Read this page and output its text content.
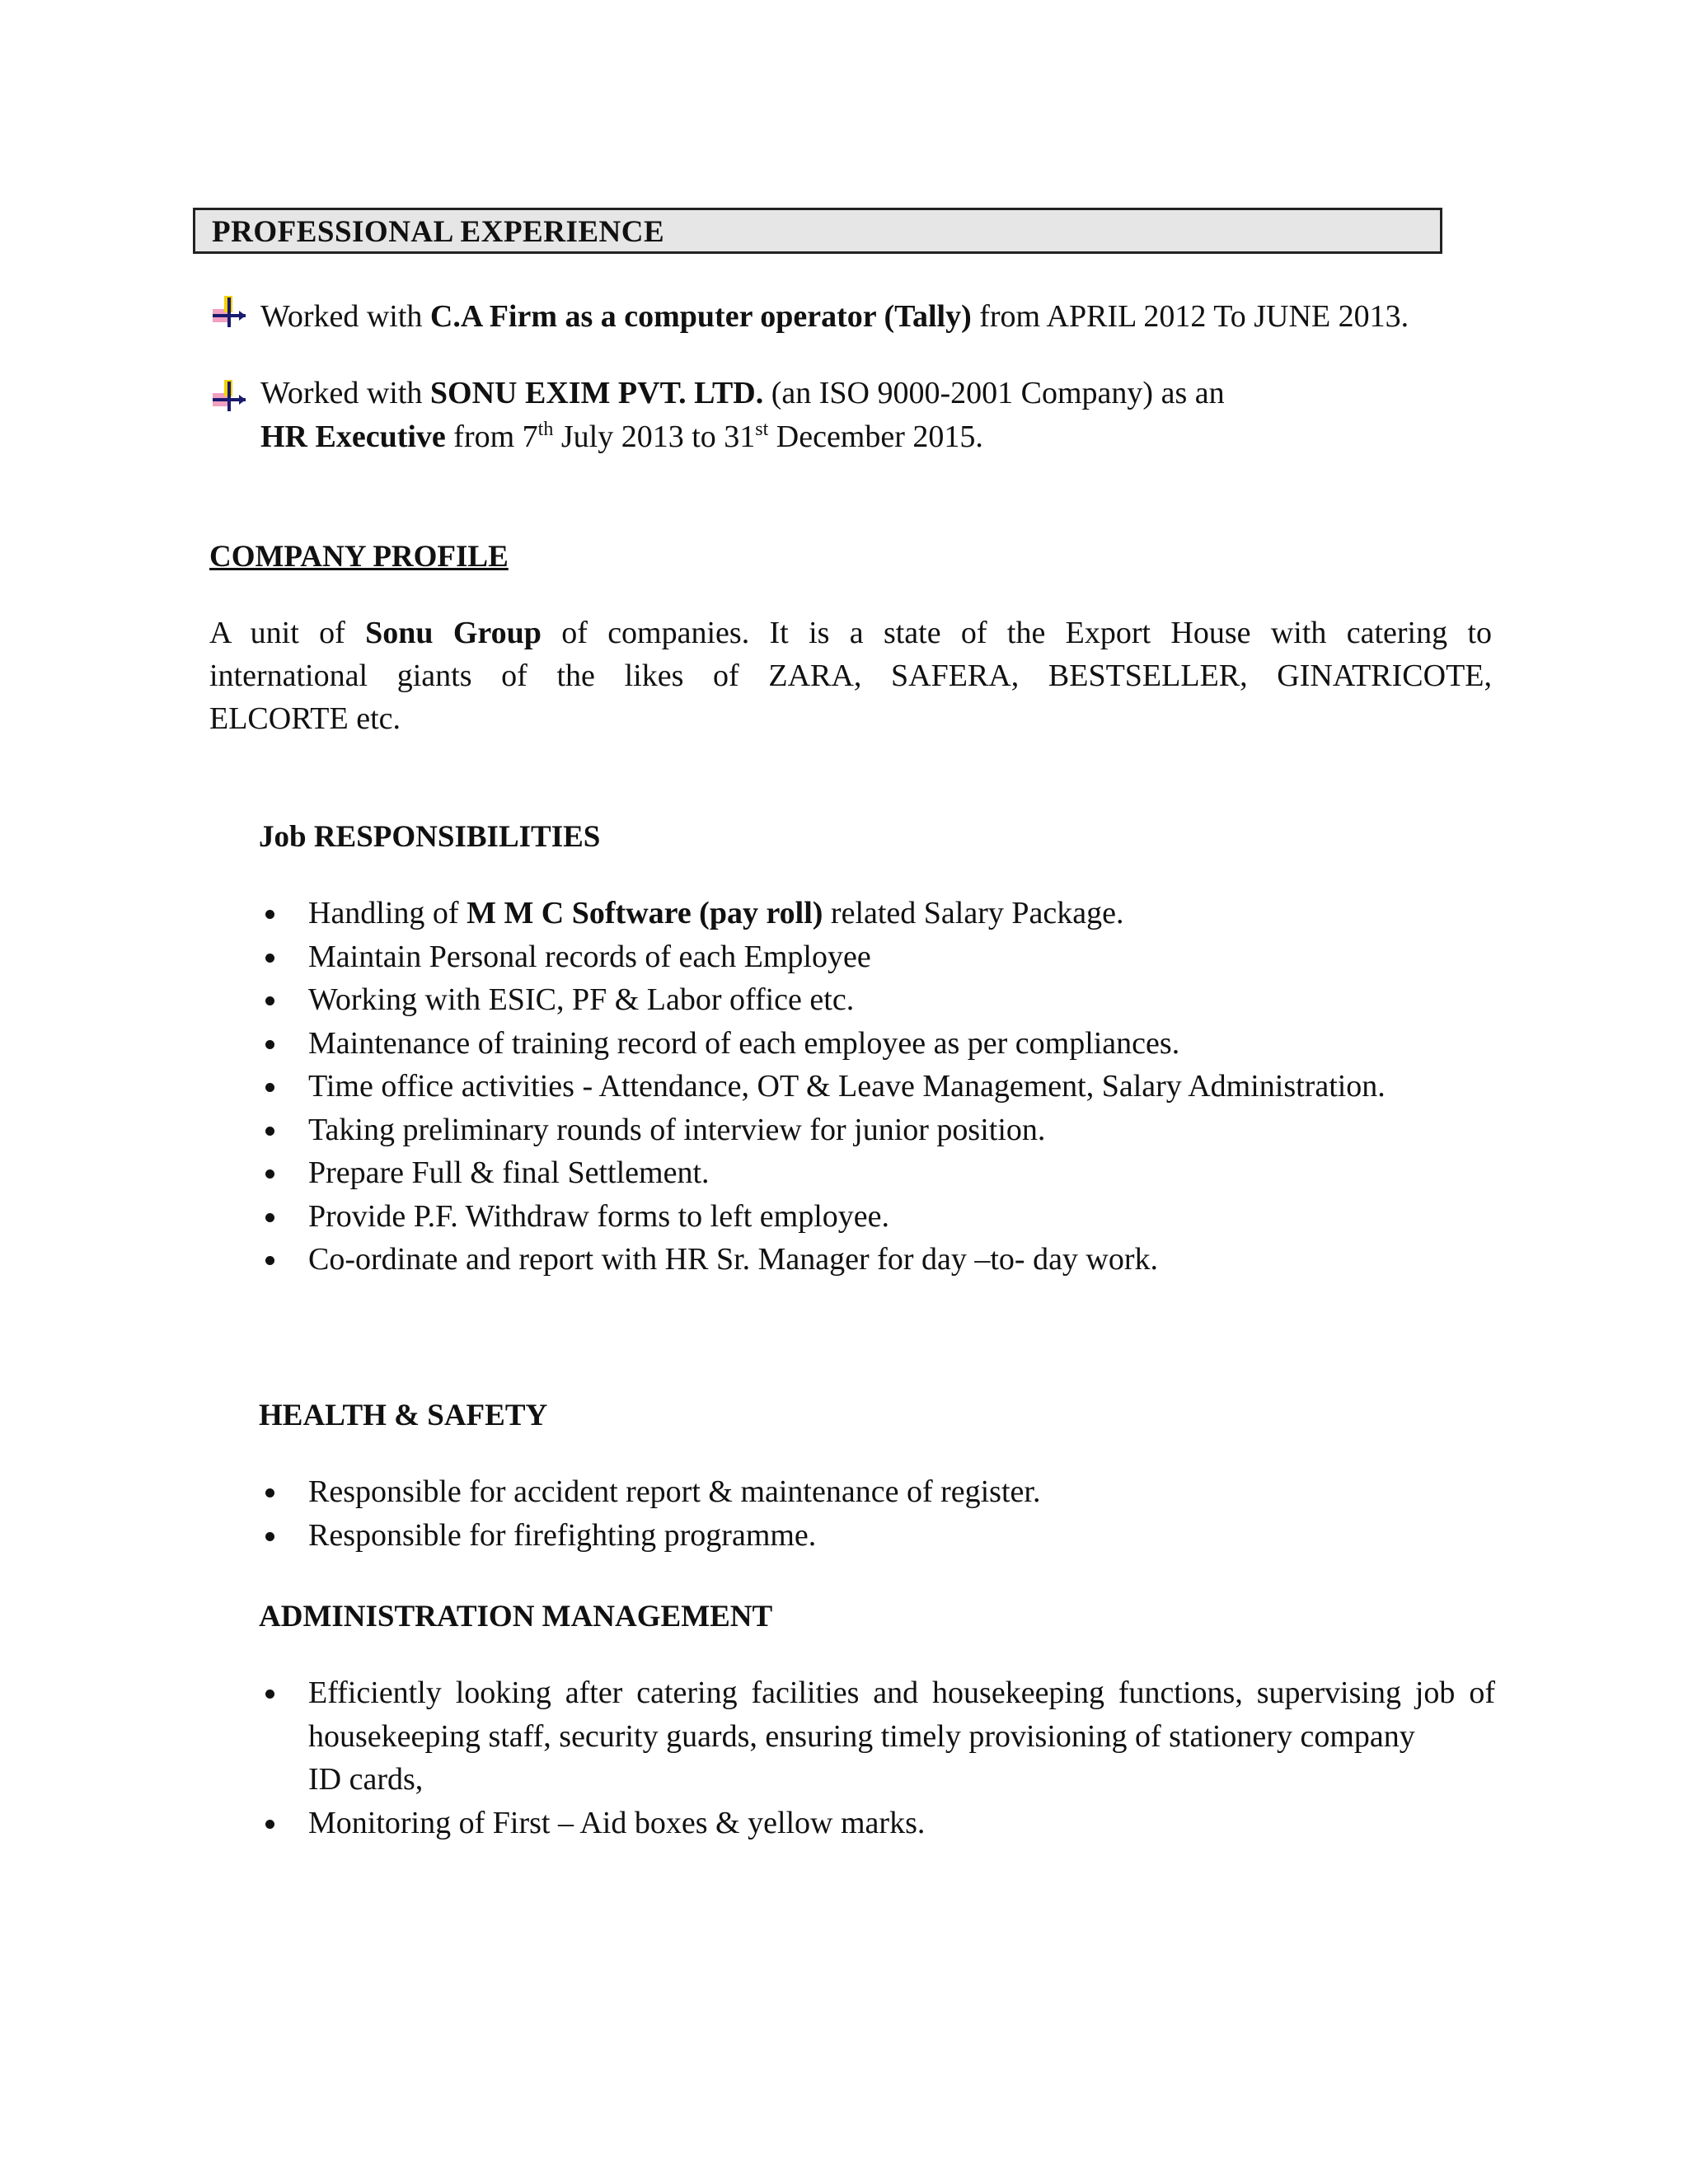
PROFESSIONAL EXPERIENCE
Worked with C.A Firm as a computer operator (Tally) from APRIL 2012 To JUNE 2013.
Worked with SONU EXIM PVT. LTD. (an ISO 9000-2001 Company) as an
HR Executive from 7th July 2013 to 31st December 2015.
COMPANY PROFILE
A unit of Sonu Group of companies. It is a state of the Export House with catering to
international giants of the likes of ZARA, SAFERA, BESTSELLER, GINATRICOTE,
ELCORTE etc.
Job RESPONSIBILITIES
Handling of M M C Software (pay roll) related Salary Package.
Maintain Personal records of each Employee
Working with ESIC, PF & Labor office etc.
Maintenance of training record of each employee as per compliances.
Time office activities - Attendance, OT & Leave Management, Salary Administration.
Taking preliminary rounds of interview for junior position.
Prepare Full & final Settlement.
Provide P.F. Withdraw forms to left employee.
Co-ordinate and report with HR Sr. Manager for day –to- day work.
HEALTH & SAFETY
Responsible for accident report & maintenance of register.
Responsible for firefighting programme.
ADMINISTRATION MANAGEMENT
Efficiently looking after catering facilities and housekeeping functions, supervising job of
housekeeping staff, security guards, ensuring timely provisioning of stationery company
ID cards,
Monitoring of First – Aid boxes & yellow marks.
